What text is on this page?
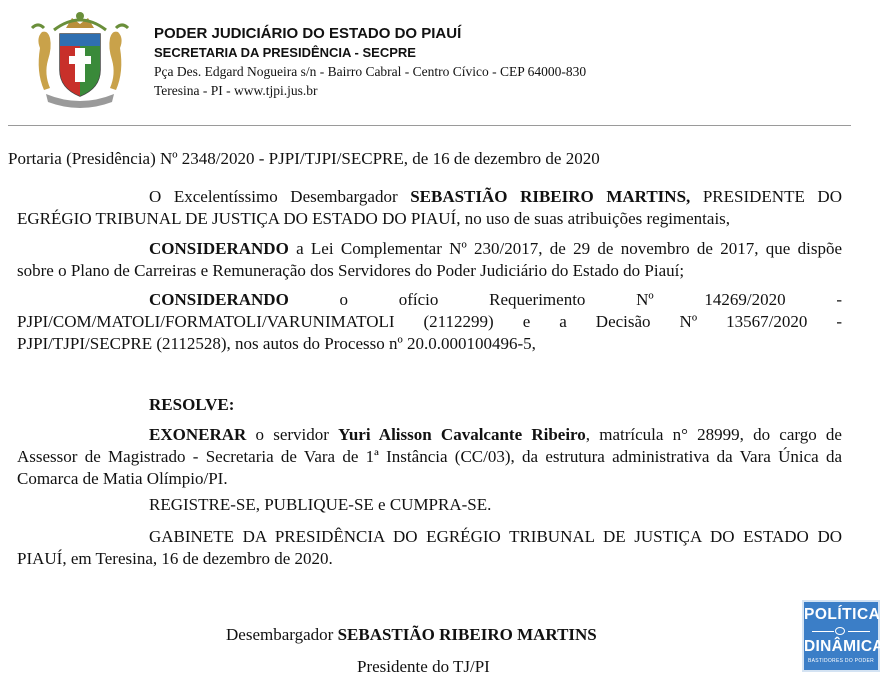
PODER JUDICIÁRIO DO ESTADO DO PIAUÍ
SECRETARIA DA PRESIDÊNCIA - SECPRE
Pça Des. Edgard Nogueira s/n - Bairro Cabral - Centro Cívico - CEP 64000-830
Teresina - PI - www.tjpi.jus.br
Portaria (Presidência) Nº 2348/2020 - PJPI/TJPI/SECPRE, de 16 de dezembro de 2020
O Excelentíssimo Desembargador SEBASTIÃO RIBEIRO MARTINS, PRESIDENTE DO EGRÉGIO TRIBUNAL DE JUSTIÇA DO ESTADO DO PIAUÍ, no uso de suas atribuições regimentais,
CONSIDERANDO a Lei Complementar Nº 230/2017, de 29 de novembro de 2017, que dispõe sobre o Plano de Carreiras e Remuneração dos Servidores do Poder Judiciário do Estado do Piauí;
CONSIDERANDO	o ofício Requerimento Nº 14269/2020 -
PJPI/COM/MATOLI/FORMATOLI/VARUNIMATOLI (2112299) e a Decisão Nº 13567/2020 -
PJPI/TJPI/SECPRE (2112528), nos autos do Processo nº 20.0.000100496-5,
RESOLVE:
EXONERAR o servidor Yuri Alisson Cavalcante Ribeiro, matrícula n° 28999, do cargo de Assessor de Magistrado - Secretaria de Vara de 1ª Instância (CC/03), da estrutura administrativa da Vara Única da Comarca de Matia Olímpio/PI.
REGISTRE-SE, PUBLIQUE-SE e CUMPRA-SE.
GABINETE DA PRESIDÊNCIA DO EGRÉGIO TRIBUNAL DE JUSTIÇA DO ESTADO DO PIAUÍ, em Teresina, 16 de dezembro de 2020.
Desembargador SEBASTIÃO RIBEIRO MARTINS
Presidente do TJ/PI
POLÍTICA
DINÂMICA
BASTIDORES DO PODER
